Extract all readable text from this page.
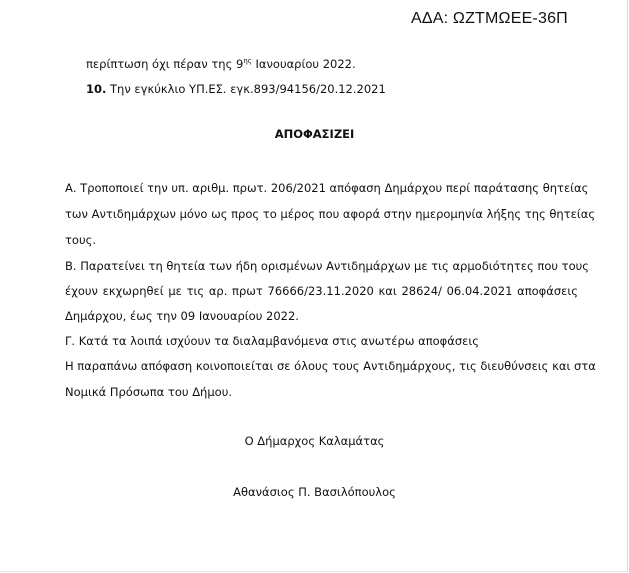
ΑΔΑ: ΩΖΤΜΩΕΕ-36Π
περίπτωση όχι πέραν της $9^{\eta\varsigma}$ Ιανουαρίου 2022.
10. Την εγκύκλιο ΥΠ.ΕΣ. εγκ.893/94156/20.12.2021
ΑΠΟΦΑΣΙΖΕΙ
Α. Τροποποιεί την υπ. αριθμ. πρωτ. 206/2021 απόφαση Δημάρχου περί παράτασης θητείας
των Αντιδημάρχων μόνο ως προς το μέρος που αφορά στην ημερομηνία λήξης της θητείας
τους.
Β. Παρατείνει τη θητεία των ήδη ορισμένων Αντιδημάρχων με τις αρμοδιότητες που τους
έχουν εκχωρηθεί με τις αρ. πρωτ 76666/23.11.2020 και 28624/ 06.04.2021 αποφάσεις
Δημάρχου, έως την 09 Ιανουαρίου 2022.
Γ. Κατά τα λοιπά ισχύουν τα διαλαμβανόμενα στις ανωτέρω αποφάσεις
Η παραπάνω απόφαση κοινοποιείται σε όλους τους Αντιδημάρχους, τις διευθύνσεις και στα
Νομικά Πρόσωπα του Δήμου.
Ο Δήμαρχος Καλαμάτας
Αθανάσιος Π. Βασιλόπουλος
